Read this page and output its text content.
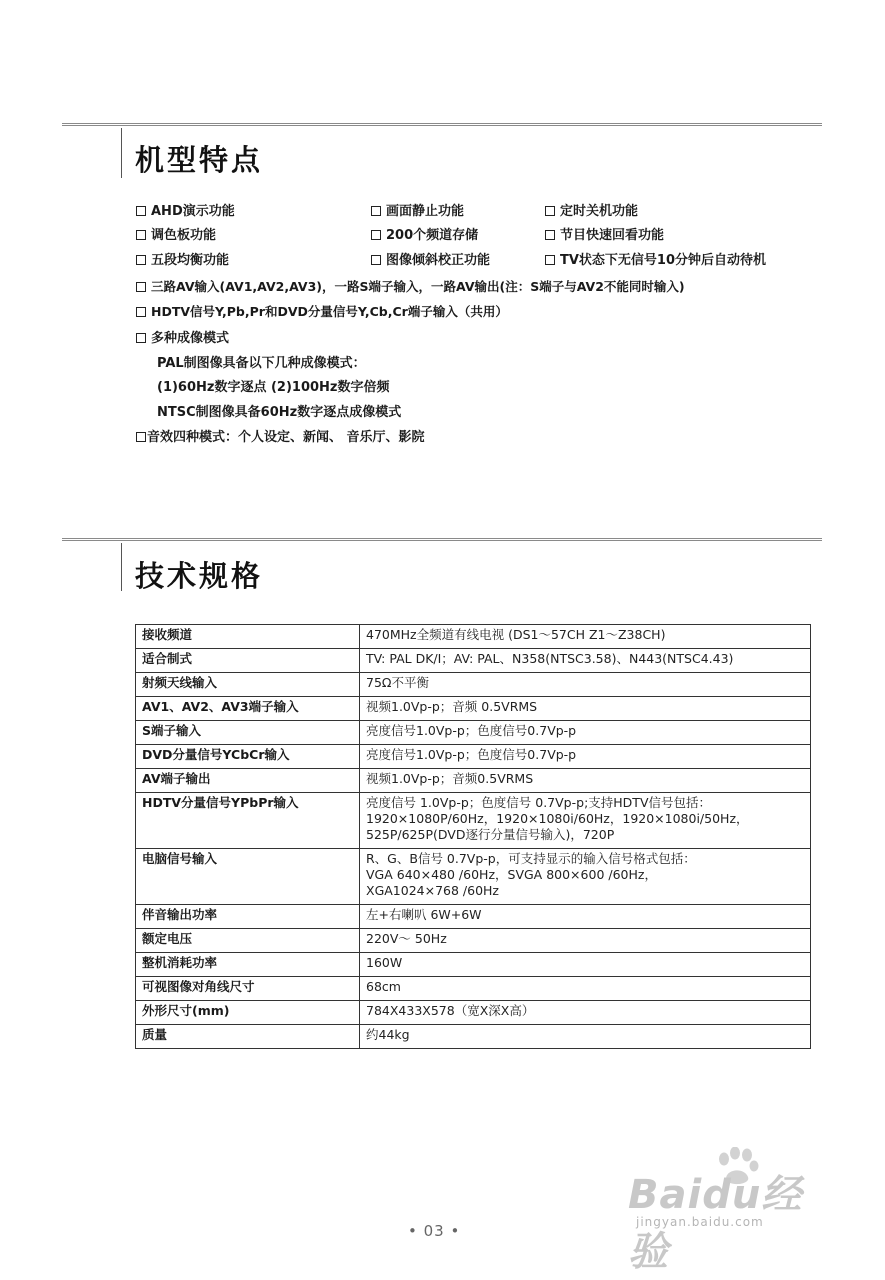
机型特点
AHD演示功能	画面静止功能	定时关机功能
调色板功能	200个频道存储	节目快速回看功能
五段均衡功能	图像倾斜校正功能	TV状态下无信号10分钟后自动待机
三路AV输入(AV1,AV2,AV3)，一路S端子输入，一路AV输出(注：S端子与AV2不能同时输入)
HDTV信号Y,Pb,Pr和DVD分量信号Y,Cb,Cr端子输入（共用）
多种成像模式
PAL制图像具备以下几种成像模式：
(1)60Hz数字逐点 (2)100Hz数字倍频
NTSC制图像具备60Hz数字逐点成像模式
音效四种模式：个人设定、新闻、 音乐厅、影院
技术规格
接收频道	470MHz全频道有线电视 (DS1～57CH Z1～Z38CH)

适合制式	TV: PAL DK/I；AV: PAL、N358(NTSC3.58)、N443(NTSC4.43)

射频天线输入	75Ω不平衡

AV1、AV2、AV3端子输入	视频1.0Vp-p；音频 0.5VRMS

S端子输入	亮度信号1.0Vp-p；色度信号0.7Vp-p

DVD分量信号YCbCr输入	亮度信号1.0Vp-p；色度信号0.7Vp-p

AV端子输出	视频1.0Vp-p；音频0.5VRMS

HDTV分量信号YPbPr输入	亮度信号 1.0Vp-p；色度信号 0.7Vp-p;支持HDTV信号包括：
1920×1080P/60Hz，1920×1080i/60Hz，1920×1080i/50Hz，
525P/625P(DVD逐行分量信号输入)，720P

电脑信号输入	R、G、B信号 0.7Vp-p，可支持显示的输入信号格式包括：
VGA 640×480 /60Hz，SVGA 800×600 /60Hz，
XGA1024×768 /60Hz

伴音输出功率	左+右喇叭 6W+6W

额定电压	220V～ 50Hz

整机消耗功率	160W

可视图像对角线尺寸	68cm

外形尺寸(mm)	784X433X578（宽X深X高）

质量	约44kg
• 03 •
Baidu经验
jingyan.baidu.com
